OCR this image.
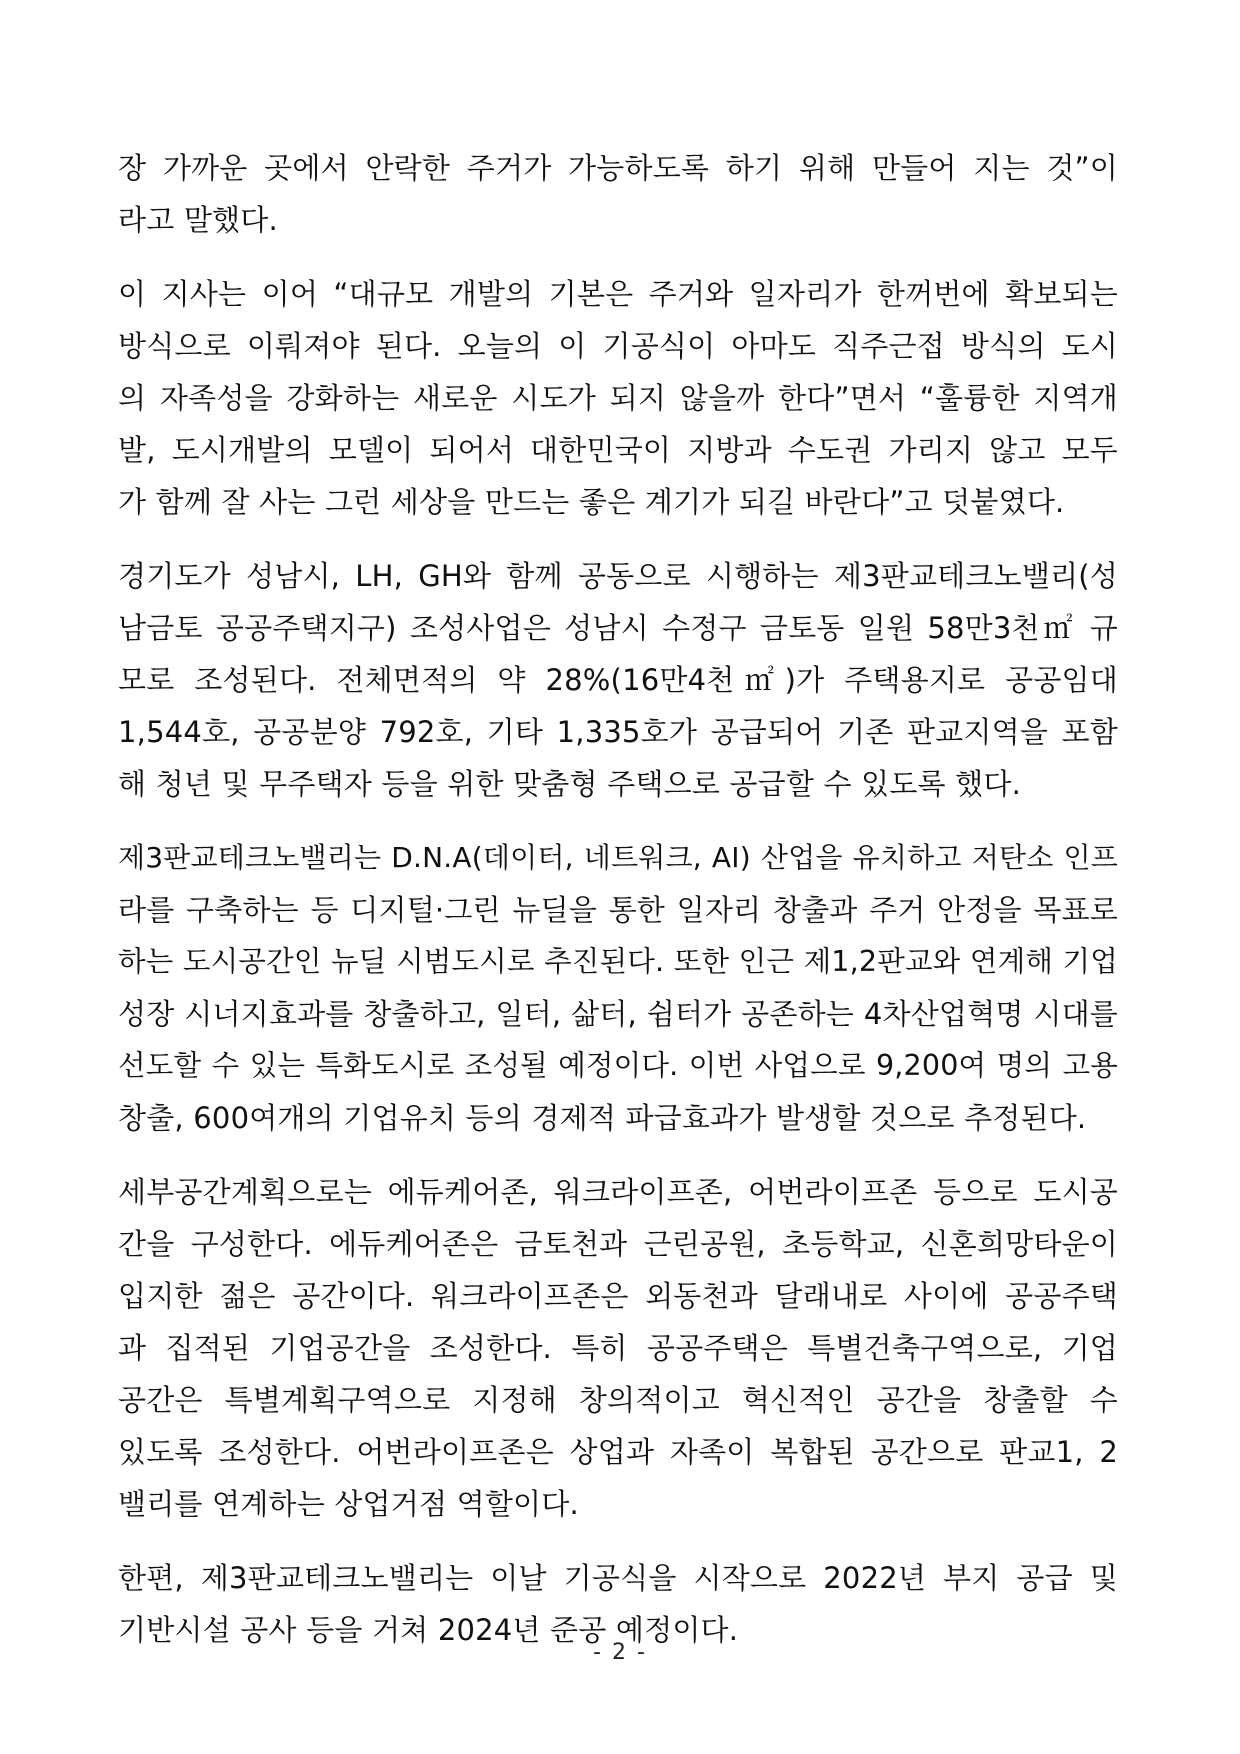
장 가까운 곳에서 안락한 주거가 가능하도록 하기 위해 만들어 지는 것”이
라고 말했다.
이 지사는 이어 “대규모 개발의 기본은 주거와 일자리가 한꺼번에 확보되는
방식으로 이뤄져야 된다. 오늘의 이 기공식이 아마도 직주근접 방식의 도시
의 자족성을 강화하는 새로운 시도가 되지 않을까 한다”면서 “훌륭한 지역개
발, 도시개발의 모델이 되어서 대한민국이 지방과 수도권 가리지 않고 모두
가 함께 잘 사는 그런 세상을 만드는 좋은 계기가 되길 바란다”고 덧붙였다.
경기도가 성남시, LH, GH와 함께 공동으로 시행하는 제3판교테크노밸리(성
남금토 공공주택지구) 조성사업은 성남시 수정구 금토동 일원 58만3천㎡ 규
모로 조성된다. 전체면적의 약 28%(16만4천㎡)가 주택용지로 공공임대
1,544호, 공공분양 792호, 기타 1,335호가 공급되어 기존 판교지역을 포함
해 청년 및 무주택자 등을 위한 맞춤형 주택으로 공급할 수 있도록 했다.
제3판교테크노밸리는 D.N.A(데이터, 네트워크, AI) 산업을 유치하고 저탄소 인프
라를 구축하는 등 디지털·그린 뉴딜을 통한 일자리 창출과 주거 안정을 목표로
하는 도시공간인 뉴딜 시범도시로 추진된다. 또한 인근 제1,2판교와 연계해 기업
성장 시너지효과를 창출하고, 일터, 삶터, 쉼터가 공존하는 4차산업혁명 시대를
선도할 수 있는 특화도시로 조성될 예정이다. 이번 사업으로 9,200여 명의 고용
창출, 600여개의 기업유치 등의 경제적 파급효과가 발생할 것으로 추정된다.
세부공간계획으로는 에듀케어존, 워크라이프존, 어번라이프존 등으로 도시공
간을 구성한다. 에듀케어존은 금토천과 근린공원, 초등학교, 신혼희망타운이
입지한 젊은 공간이다. 워크라이프존은 외동천과 달래내로 사이에 공공주택
과 집적된 기업공간을 조성한다. 특히 공공주택은 특별건축구역으로, 기업
공간은 특별계획구역으로 지정해 창의적이고 혁신적인 공간을 창출할 수
있도록 조성한다. 어번라이프존은 상업과 자족이 복합된 공간으로 판교1, 2
밸리를 연계하는 상업거점 역할이다.
한편, 제3판교테크노밸리는 이날 기공식을 시작으로 2022년 부지 공급 및
기반시설 공사 등을 거쳐 2024년 준공 예정이다.
- 2 -
